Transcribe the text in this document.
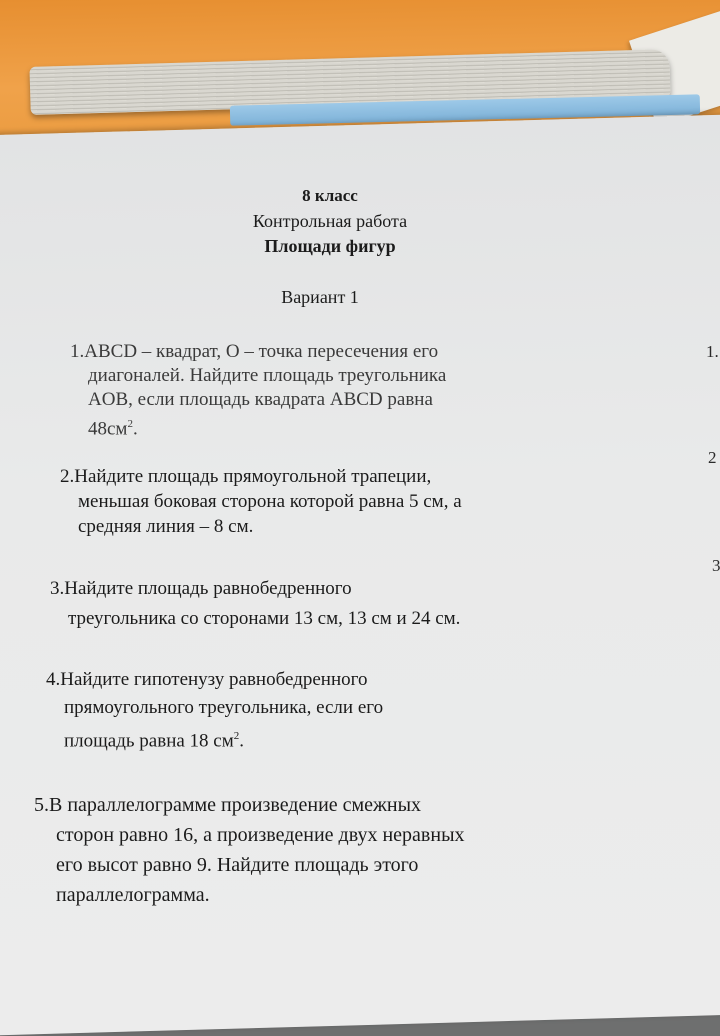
8 класс
Контрольная работа
Площади фигур
Вариант 1
1.ABCD – квадрат, O – точка пересечения его
диагоналей. Найдите площадь треугольника
AOB, если площадь квадрата ABCD равна
$48см^2$.
2.Найдите площадь прямоугольной трапеции,
меньшая боковая сторона которой равна 5 см, а
средняя линия – 8 см.
3.Найдите площадь равнобедренного
треугольника со сторонами 13 см, 13 см и 24 см.
4.Найдите гипотенузу равнобедренного
прямоугольного треугольника, если его
площадь равна 18 $см^2$.
5.В параллелограмме произведение смежных
сторон равно 16, а произведение двух неравных
его высот равно 9. Найдите площадь этого
параллелограмма.
1.
2
3
